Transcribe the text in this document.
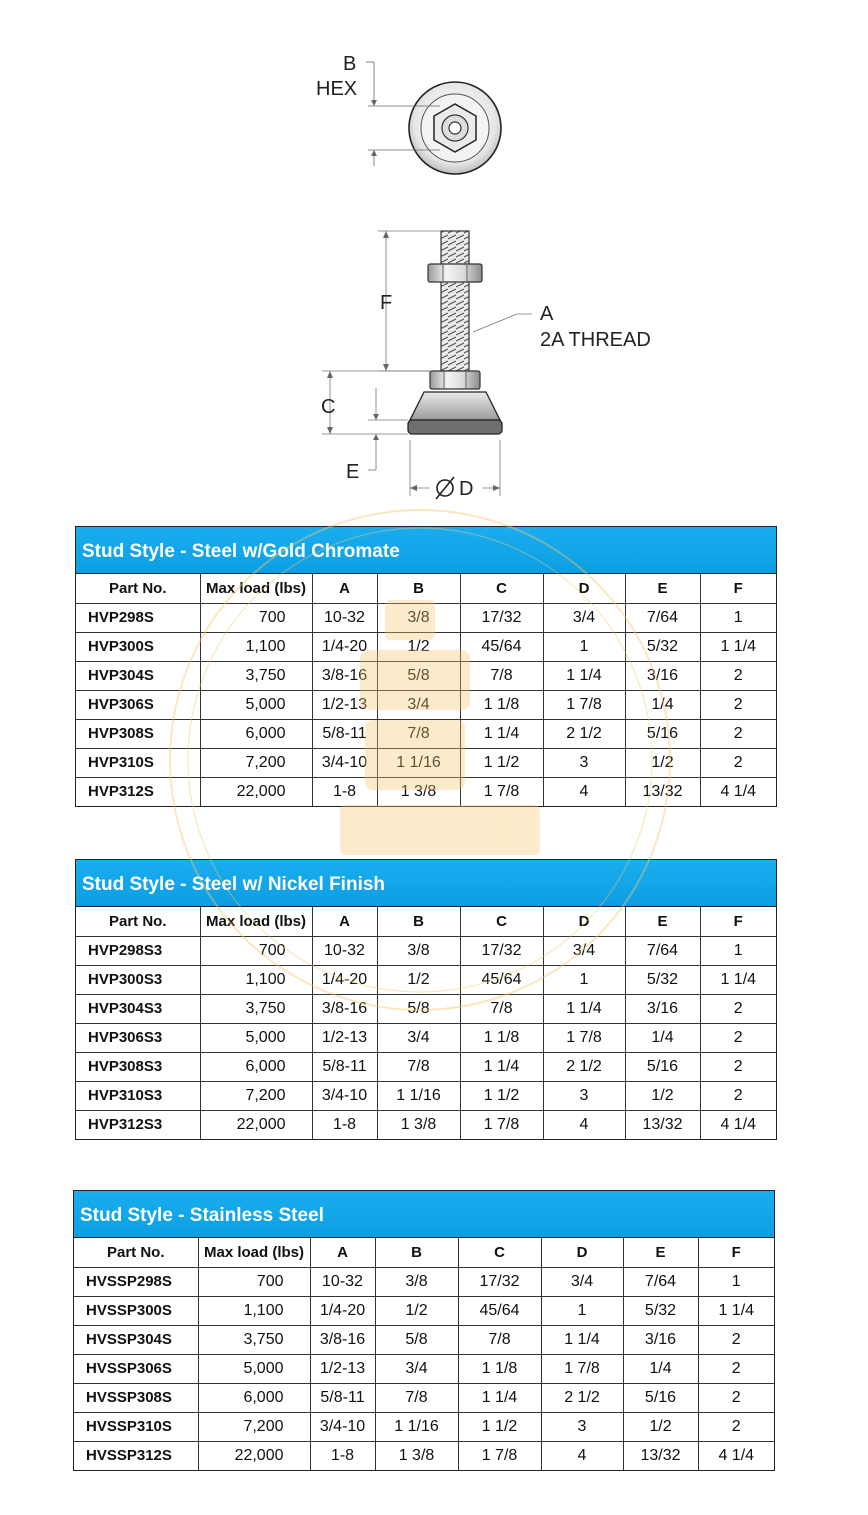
B
HEX
F	A
2A THREAD
C
E
D
Stud Style - Steel w/Gold Chromate
Part No.	Max load (lbs)	A	B	C	D	E	F
HVP298S	700	10-32	3/8	17/32	3/4	7/64	1
HVP300S	1,100	1/4-20	1/2	45/64	1	5/32	1 1/4
HVP304S	3,750	3/8-16	5/8	7/8	1 1/4	3/16	2
HVP306S	5,000	1/2-13	3/4	1 1/8	1 7/8	1/4	2
HVP308S	6,000	5/8-11	7/8	1 1/4	2 1/2	5/16	2
HVP310S	7,200	3/4-10	1 1/16	1 1/2	3	1/2	2
HVP312S	22,000	1-8	1 3/8	1 7/8	4	13/32	4 1/4
Stud Style - Steel w/ Nickel Finish
Part No.	Max load (lbs)	A	B	C	D	E	F
HVP298S3	700	10-32	3/8	17/32	3/4	7/64	1
HVP300S3	1,100	1/4-20	1/2	45/64	1	5/32	1 1/4
HVP304S3	3,750	3/8-16	5/8	7/8	1 1/4	3/16	2
HVP306S3	5,000	1/2-13	3/4	1 1/8	1 7/8	1/4	2
HVP308S3	6,000	5/8-11	7/8	1 1/4	2 1/2	5/16	2
HVP310S3	7,200	3/4-10	1 1/16	1 1/2	3	1/2	2
HVP312S3	22,000	1-8	1 3/8	1 7/8	4	13/32	4 1/4
Stud Style - Stainless Steel
Part No.	Max load (lbs)	A	B	C	D	E	F
HVSSP298S	700	10-32	3/8	17/32	3/4	7/64	1
HVSSP300S	1,100	1/4-20	1/2	45/64	1	5/32	1 1/4
HVSSP304S	3,750	3/8-16	5/8	7/8	1 1/4	3/16	2
HVSSP306S	5,000	1/2-13	3/4	1 1/8	1 7/8	1/4	2
HVSSP308S	6,000	5/8-11	7/8	1 1/4	2 1/2	5/16	2
HVSSP310S	7,200	3/4-10	1 1/16	1 1/2	3	1/2	2
HVSSP312S	22,000	1-8	1 3/8	1 7/8	4	13/32	4 1/4
